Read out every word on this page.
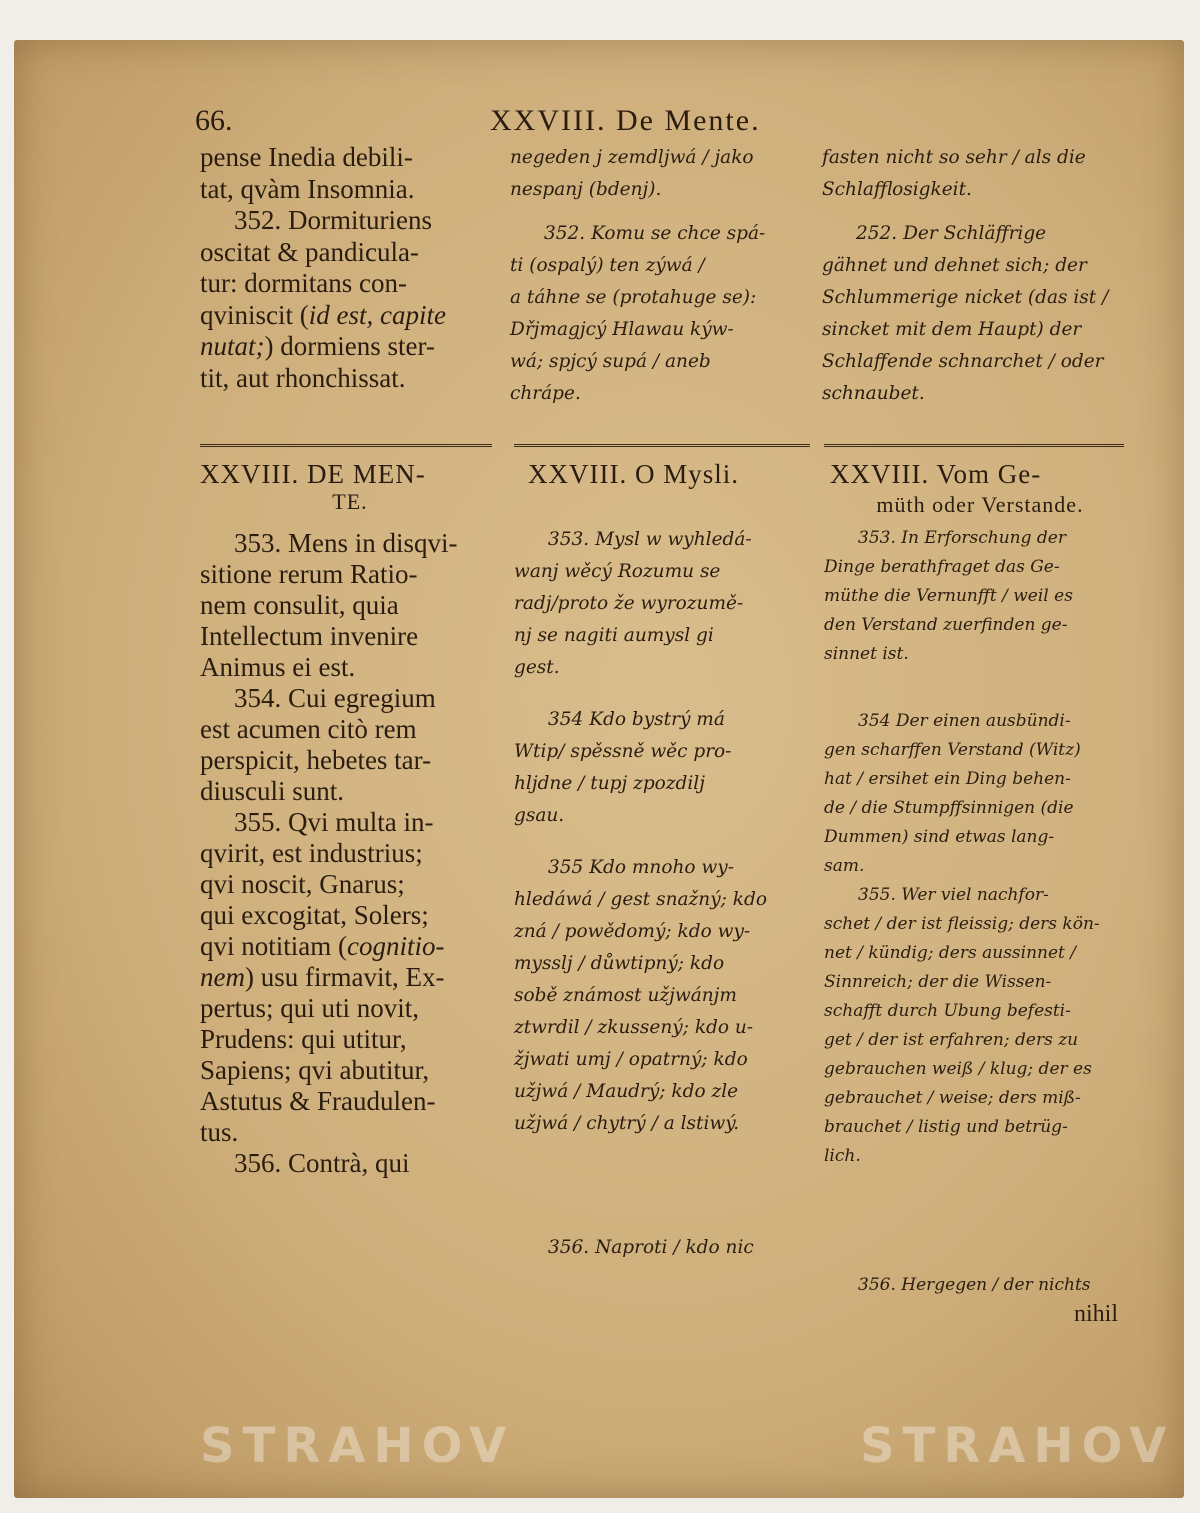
66.	XXVIII. De Mente.
pense Inedia debili-
tat, qvàm Insomnia.
352. Dormituriens
oscitat & pandicula-
tur: dormitans con-
qviniscit (id est, capite
nutat;) dormiens ster-
tit, aut rhonchissat.
negeden j zemdljwá / jako
nespanj (bdenj).
352. Komu se chce spá-
ti (ospalý) ten zýwá /
a táhne se (protahuge se):
Dřjmagjcý Hlawau kýw-
wá; spjcý supá / aneb
chrápe.
fasten nicht so sehr / als die
Schlafflosigkeit.
252. Der Schläffrige
gähnet und dehnet sich; der
Schlummerige nicket (das ist /
sincket mit dem Haupt) der
Schlaffende schnarchet / oder
schnaubet.
XXVIII. DE MEN-
TE.
XXVIII. O Mysli.	XXVIII. Vom Ge-
müth oder Verstande.
353. Mens in disqvi-
sitione rerum Ratio-
nem consulit, quia
Intellectum invenire
Animus ei est.
354. Cui egregium
est acumen citò rem
perspicit, hebetes tar-
diusculi sunt.
355. Qvi multa in-
qvirit, est industrius;
qvi noscit, Gnarus;
qui excogitat, Solers;
qvi notitiam (cognitio-
nem) usu firmavit, Ex-
pertus; qui uti novit,
Prudens: qui utitur,
Sapiens; qvi abutitur,
Astutus & Fraudulen-
tus.
356. Contrà, qui
353. Mysl w wyhledá-
wanj wěcý Rozumu se
radj/proto že wyrozumě-
nj se nagiti aumysl gi
gest.
354 Kdo bystrý má
Wtip/ spěssně wěc pro-
hljdne / tupj zpozdilj
gsau.
355 Kdo mnoho wy-
hledáwá / gest snažný; kdo
zná / powědomý; kdo wy-
mysslj / důwtipný; kdo
sobě známost užjwánjm
ztwrdil / zkussený; kdo u-
žjwati umj / opatrný; kdo
užjwá / Maudrý; kdo zle
užjwá / chytrý / a lstiwý.
356. Naproti / kdo nic
353. In Erforschung der
Dinge berathfraget das Ge-
müthe die Vernunfft / weil es
den Verstand zuerfinden ge-
sinnet ist.
354 Der einen ausbündi-
gen scharffen Verstand (Witz)
hat / ersihet ein Ding behen-
de / die Stumpffsinnigen (die
Dummen) sind etwas lang-
sam.
355. Wer viel nachfor-
schet / der ist fleissig; ders kön-
net / kündig; ders aussinnet /
Sinnreich; der die Wissen-
schafft durch Ubung befesti-
get / der ist erfahren; ders zu
gebrauchen weiß / klug; der es
gebrauchet / weise; ders miß-
brauchet / listig und betrüg-
lich.
356. Hergegen / der nichts
nihil
STRAHOV	STRAHOV
